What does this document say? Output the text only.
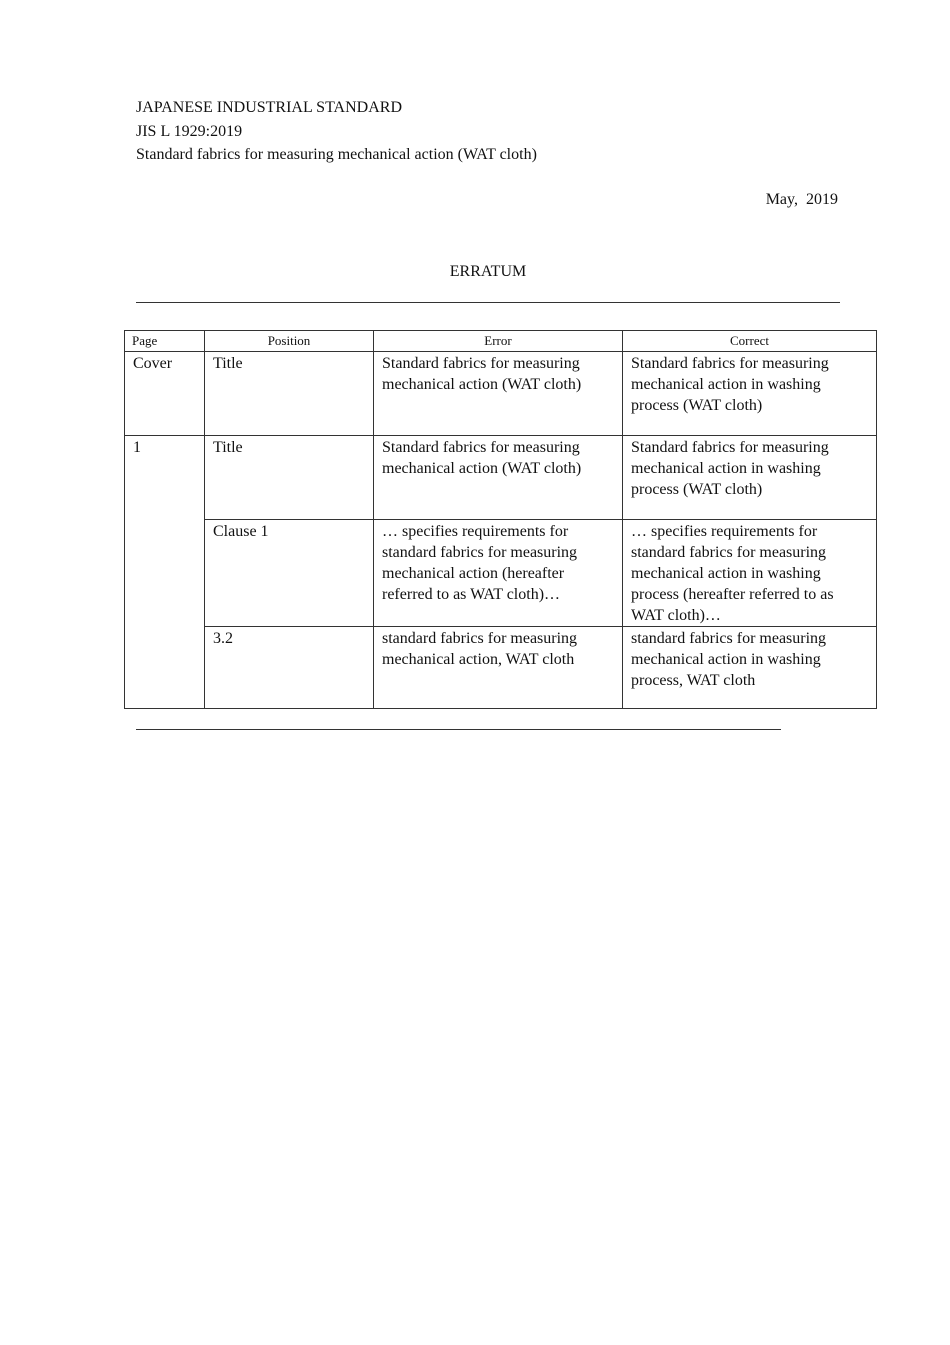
JAPANESE INDUSTRIAL STANDARD
JIS L 1929:2019
Standard fabrics for measuring mechanical action (WAT cloth)
May,  2019
ERRATUM
Page	Position	Error	Correct
Cover	Title	Standard fabrics for measuring mechanical action (WAT cloth)	Standard fabrics for measuring mechanical action in washing process (WAT cloth)
1	Title	Standard fabrics for measuring mechanical action (WAT cloth)	Standard fabrics for measuring mechanical action in washing process (WAT cloth)
	Clause 1	… specifies requirements for standard fabrics for measuring mechanical action (hereafter referred to as WAT cloth)…	… specifies requirements for standard fabrics for measuring mechanical action in washing process (hereafter referred to as WAT cloth)…
	3.2	standard fabrics for measuring mechanical action, WAT cloth	standard fabrics for measuring mechanical action in washing process, WAT cloth
